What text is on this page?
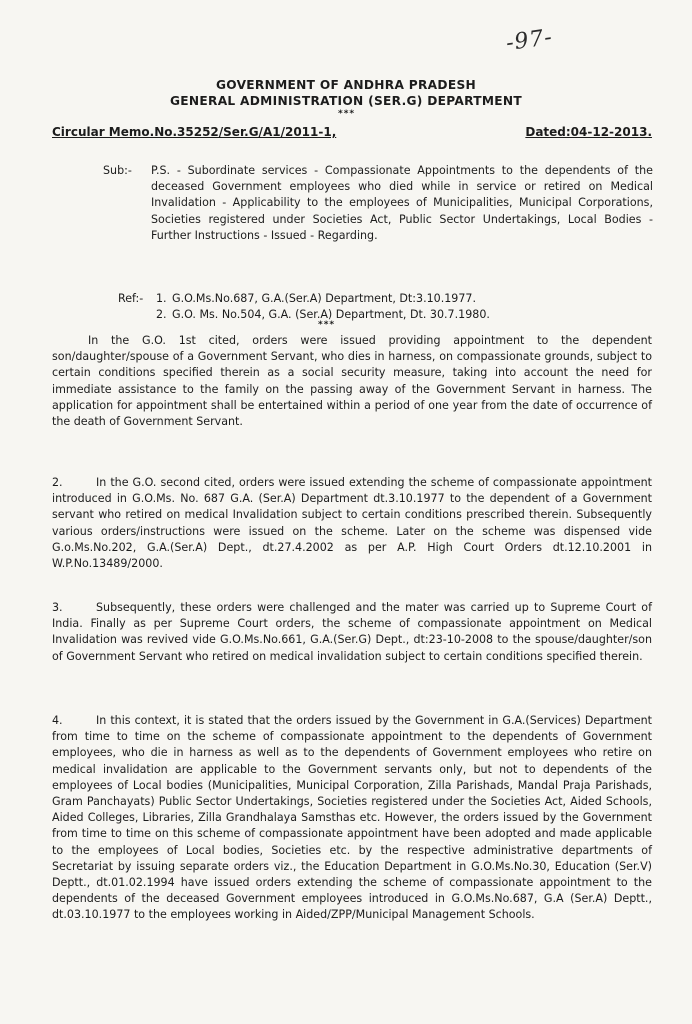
-97-
GOVERNMENT OF ANDHRA PRADESH
GENERAL ADMINISTRATION (SER.G) DEPARTMENT
***
Circular Memo.No.35252/Ser.G/A1/2011-1,	Dated:04-12-2013.
Sub:-	P.S. - Subordinate services - Compassionate Appointments to the dependents of the deceased Government employees who died while in service or retired on Medical Invalidation - Applicability to the employees of Municipalities, Municipal Corporations, Societies registered under Societies Act, Public Sector Undertakings, Local Bodies - Further Instructions - Issued - Regarding.
Ref:-	1. G.O.Ms.No.687, G.A.(Ser.A) Department, Dt:3.10.1977.
2. G.O. Ms. No.504, G.A. (Ser.A) Department, Dt. 30.7.1980.
***
In the G.O. 1st cited, orders were issued providing appointment to the dependent son/daughter/spouse of a Government Servant, who dies in harness, on compassionate grounds, subject to certain conditions specified therein as a social security measure, taking into account the need for immediate assistance to the family on the passing away of the Government Servant in harness. The application for appointment shall be entertained within a period of one year from the date of occurrence of the death of Government Servant.
2.	In the G.O. second cited, orders were issued extending the scheme of compassionate appointment introduced in G.O.Ms. No. 687 G.A. (Ser.A) Department dt.3.10.1977 to the dependent of a Government servant who retired on medical Invalidation subject to certain conditions prescribed therein. Subsequently various orders/instructions were issued on the scheme. Later on the scheme was dispensed vide G.o.Ms.No.202, G.A.(Ser.A) Dept., dt.27.4.2002 as per A.P. High Court Orders dt.12.10.2001 in W.P.No.13489/2000.
3.	Subsequently, these orders were challenged and the mater was carried up to Supreme Court of India. Finally as per Supreme Court orders, the scheme of compassionate appointment on Medical Invalidation was revived vide G.O.Ms.No.661, G.A.(Ser.G) Dept., dt:23-10-2008 to the spouse/daughter/son of Government Servant who retired on medical invalidation subject to certain conditions specified therein.
4.	In this context, it is stated that the orders issued by the Government in G.A.(Services) Department from time to time on the scheme of compassionate appointment to the dependents of Government employees, who die in harness as well as to the dependents of Government employees who retire on medical invalidation are applicable to the Government servants only, but not to dependents of the employees of Local bodies (Municipalities, Municipal Corporation, Zilla Parishads, Mandal Praja Parishads, Gram Panchayats) Public Sector Undertakings, Societies registered under the Societies Act, Aided Schools, Aided Colleges, Libraries, Zilla Grandhalaya Samsthas etc. However, the orders issued by the Government from time to time on this scheme of compassionate appointment have been adopted and made applicable to the employees of Local bodies, Societies etc. by the respective administrative departments of Secretariat by issuing separate orders viz., the Education Department in G.O.Ms.No.30, Education (Ser.V) Deptt., dt.01.02.1994 have issued orders extending the scheme of compassionate appointment to the dependents of the deceased Government employees introduced in G.O.Ms.No.687, G.A (Ser.A) Deptt., dt.03.10.1977 to the employees working in Aided/ZPP/Municipal Management Schools.
